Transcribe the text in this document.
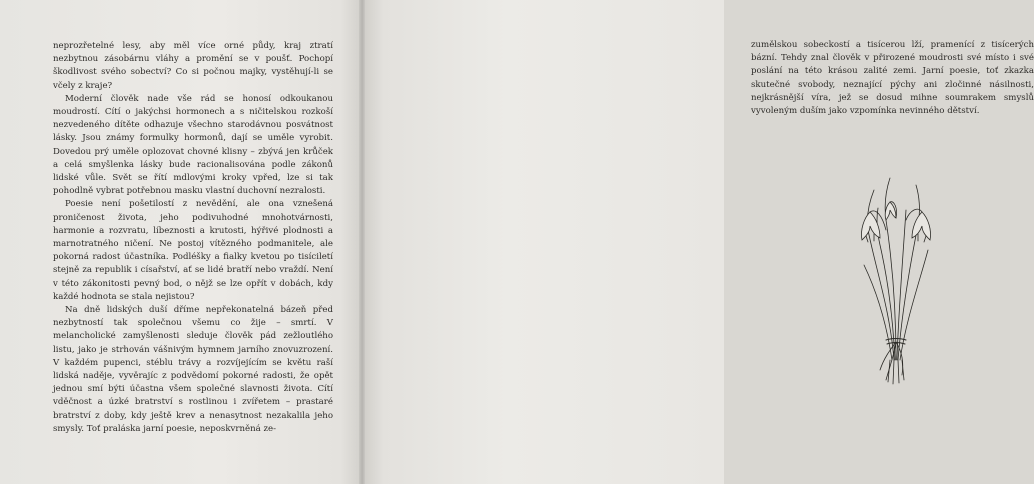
neprozřetelné lesy, aby měl více orné půdy, kraj ztratí nezbytnou zásobárnu vláhy a promění se v poušť. Pochopí škodlivost svého sobectví? Co si počnou majky, vystěhují-li se včely z kraje?

Moderní člověk nade vše rád se honosí odkoukanou moudrostí. Cítí o jakýchsi hormonech a s ničitelskou rozkoší nezvedeného dítěte odhazuje všechno starodávnou posvátnost lásky. Jsou známy formulky hormonů, dají se uměle vyrobit. Dovedou prý uměle oplozovat chovné klisny – zbývá jen krůček a celá smyšlenka lásky bude racionalisována podle zákonů lidské vůle. Svět se řítí mdlovými kroky vpřed, lze si tak pohodlně vybrat potřebnou masku vlastní duchovní nezralosti.

Poesie není pošetilostí z nevědění, ale ona vznešená proničenost života, jeho podivuhodné mnohotvárnosti, harmonie a rozvratu, líbeznosti a krutosti, hýřivé plodnosti a marnotratného ničení. Ne postoj vítězného podmanitele, ale pokorná radost účastníka. Podléšky a fialky kvetou po tisíciletí stejně za republik i císařství, ať se lidé bratří nebo vraždí. Není v této zákonitosti pevný bod, o nějž se lze opřít v dobách, kdy každé hodnota se stala nejistou?

Na dně lidských duší dříme nepřekonatelná bázeň před nezbytností tak společnou všemu co žije – smrtí. V melancholické zamyšlenosti sleduje člověk pád zežloutlého listu, jako je strhován vášnivým hymnem jarního znovuzrození. V každém pupenci, stéblu trávy a rozvíjejícím se květu raší lidská naděje, vyvěrajíc z podvědomí pokorné radosti, že opět jednou smí býti účastna všem společné slavnosti života. Cítí vděčnost a úzké bratrství s rostlinou i zvířetem – prastaré bratrství z doby, kdy ještě krev a nenasytnost nezakalila jeho smysly. Toť praláska jarní poesie, neposkvrněná ze-

zumělskou sobeckostí a tisícerou lží, pramenící z tisícerých bázní. Tehdy znal člověk v přirozené moudrosti své místo i své poslání na této krásou zalité zemi. Jarní poesie, toť zkazka skutečné svobody, neznající pýchy ani zločinné násilnosti, nejkrásnější víra, jež se dosud mihne soumrakem smyslů vyvoleným duším jako vzpomínka nevinného dětství.
